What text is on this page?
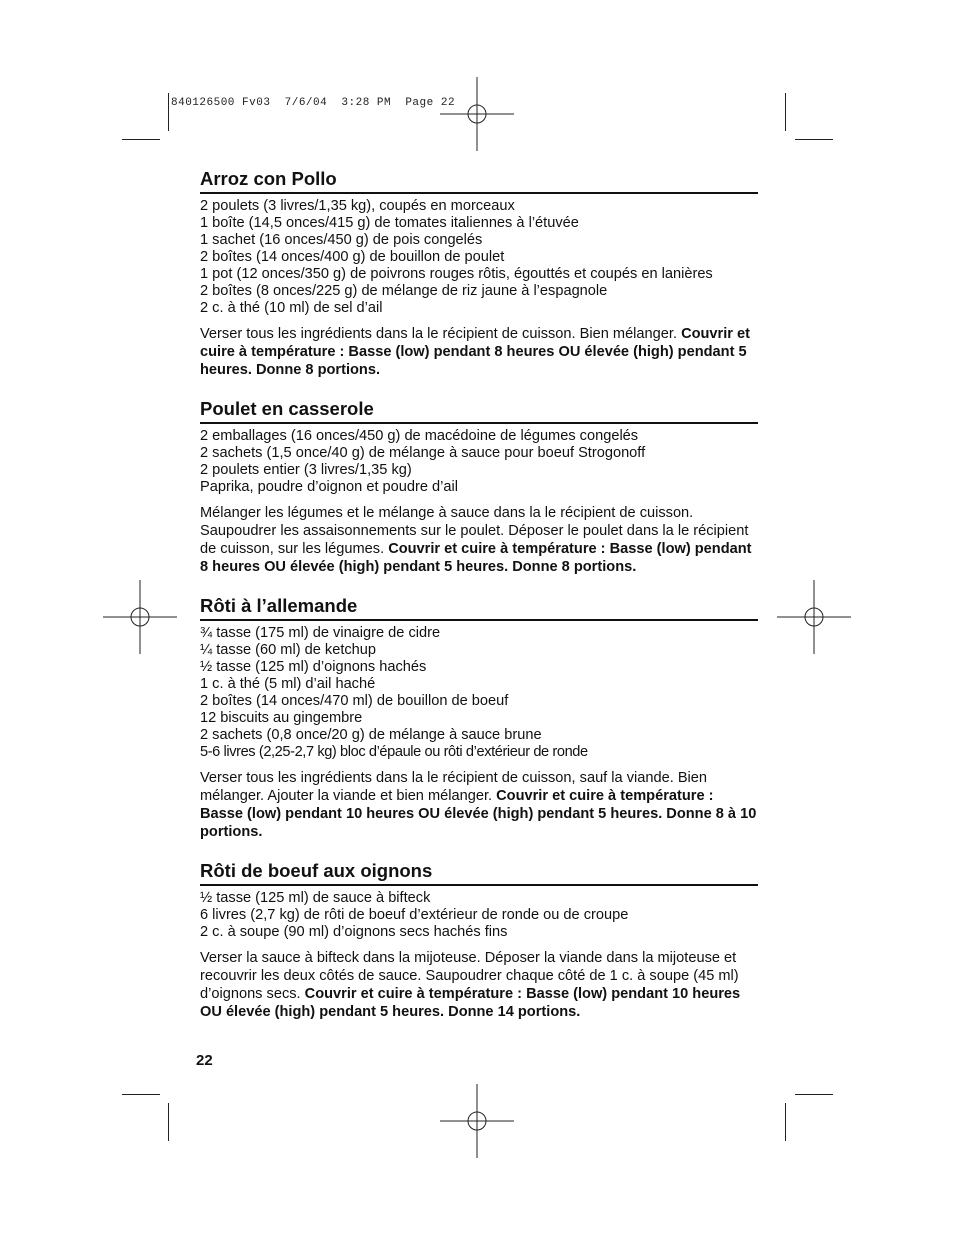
840126500 Fv03  7/6/04  3:28 PM  Page 22
Arroz con Pollo
2 poulets (3 livres/1,35 kg), coupés en morceaux
1 boîte (14,5 onces/415 g) de tomates italiennes à l’étuvée
1 sachet (16 onces/450 g) de pois congelés
2 boîtes (14 onces/400 g) de bouillon de poulet
1 pot (12 onces/350 g) de poivrons rouges rôtis, égouttés et coupés en lanières
2 boîtes (8 onces/225 g) de mélange de riz jaune à l’espagnole
2 c. à thé (10 ml) de sel d’ail

Verser tous les ingrédients dans la le récipient de cuisson. Bien mélanger. Couvrir et cuire à température : Basse (low) pendant 8 heures OU élevée (high) pendant 5 heures. Donne 8 portions.

Poulet en casserole
2 emballages (16 onces/450 g) de macédoine de légumes congelés
2 sachets (1,5 once/40 g) de mélange à sauce pour boeuf Strogonoff
2 poulets entier (3 livres/1,35 kg)
Paprika, poudre d’oignon et poudre d’ail

Mélanger les légumes et le mélange à sauce dans la le récipient de cuisson. Saupoudrer les assaisonnements sur le poulet. Déposer le poulet dans la le récipient de cuisson, sur les légumes. Couvrir et cuire à température : Basse (low) pendant 8 heures OU élevée (high) pendant 5 heures. Donne 8 portions.

Rôti à l’allemande
¾ tasse (175 ml) de vinaigre de cidre
¼ tasse (60 ml) de ketchup
½ tasse (125 ml) d’oignons hachés
1 c. à thé (5 ml) d’ail haché
2 boîtes (14 onces/470 ml) de bouillon de boeuf
12 biscuits au gingembre
2 sachets (0,8 once/20 g) de mélange à sauce brune
5-6 livres (2,25-2,7 kg) bloc d’épaule ou rôti d’extérieur de ronde

Verser tous les ingrédients dans la le récipient de cuisson, sauf la viande. Bien mélanger. Ajouter la viande et bien mélanger. Couvrir et cuire à température : Basse (low) pendant 10 heures OU élevée (high) pendant 5 heures. Donne 8 à 10 portions.

Rôti de boeuf aux oignons
½ tasse (125 ml) de sauce à bifteck
6 livres (2,7 kg) de rôti de boeuf d’extérieur de ronde ou de croupe
2 c. à soupe (90 ml) d’oignons secs hachés fins

Verser la sauce à bifteck dans la mijoteuse. Déposer la viande dans la mijoteuse et recouvrir les deux côtés de sauce. Saupoudrer chaque côté de 1 c. à soupe (45 ml) d’oignons secs. Couvrir et cuire à température : Basse (low) pendant 10 heures OU élevée (high) pendant 5 heures. Donne 14 portions.

22
